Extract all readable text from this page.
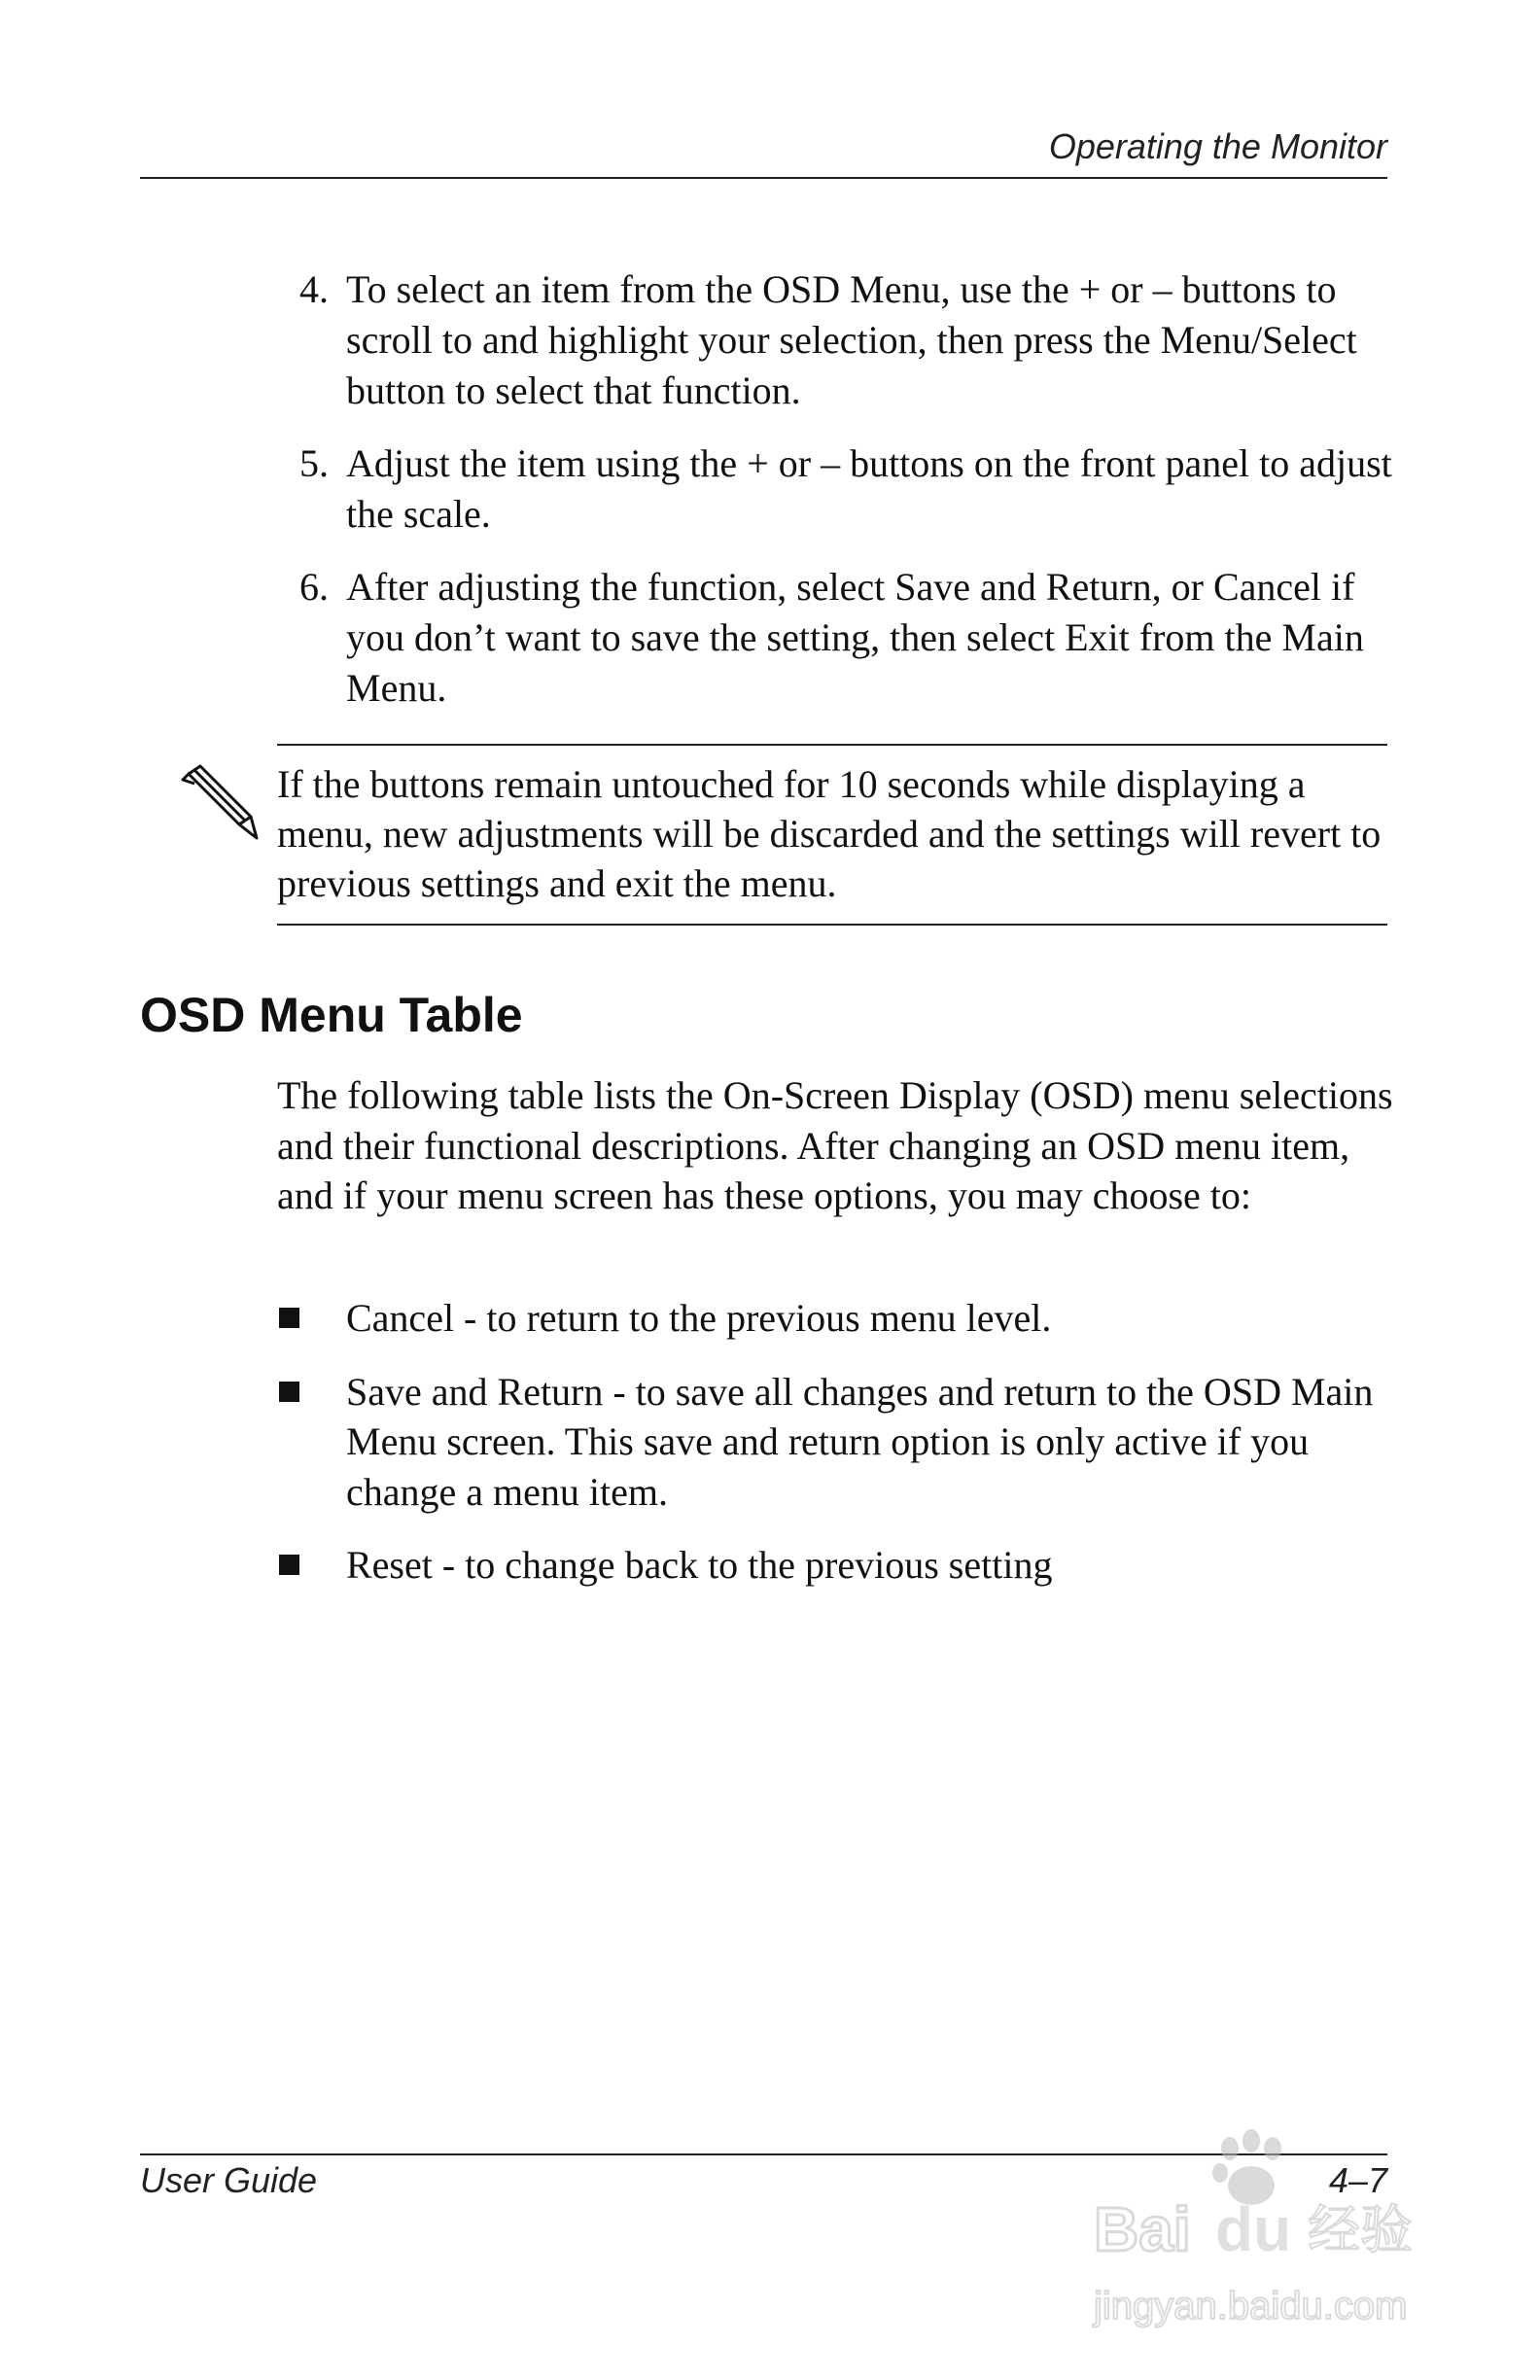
Operating the Monitor
4. To select an item from the OSD Menu, use the + or – buttons to scroll to and highlight your selection, then press the Menu/Select button to select that function.
5. Adjust the item using the + or – buttons on the front panel to adjust the scale.
6. After adjusting the function, select Save and Return, or Cancel if you don’t want to save the setting, then select Exit from the Main Menu.
If the buttons remain untouched for 10 seconds while displaying a menu, new adjustments will be discarded and the settings will revert to previous settings and exit the menu.
OSD Menu Table

The following table lists the On-Screen Display (OSD) menu selections and their functional descriptions. After changing an OSD menu item, and if your menu screen has these options, you may choose to:

Cancel - to return to the previous menu level.
Save and Return - to save all changes and return to the OSD Main Menu screen. This save and return option is only active if you change a menu item.
Reset - to change back to the previous setting
User Guide	4–7
Bai du 经验
jingyan.baidu.com
